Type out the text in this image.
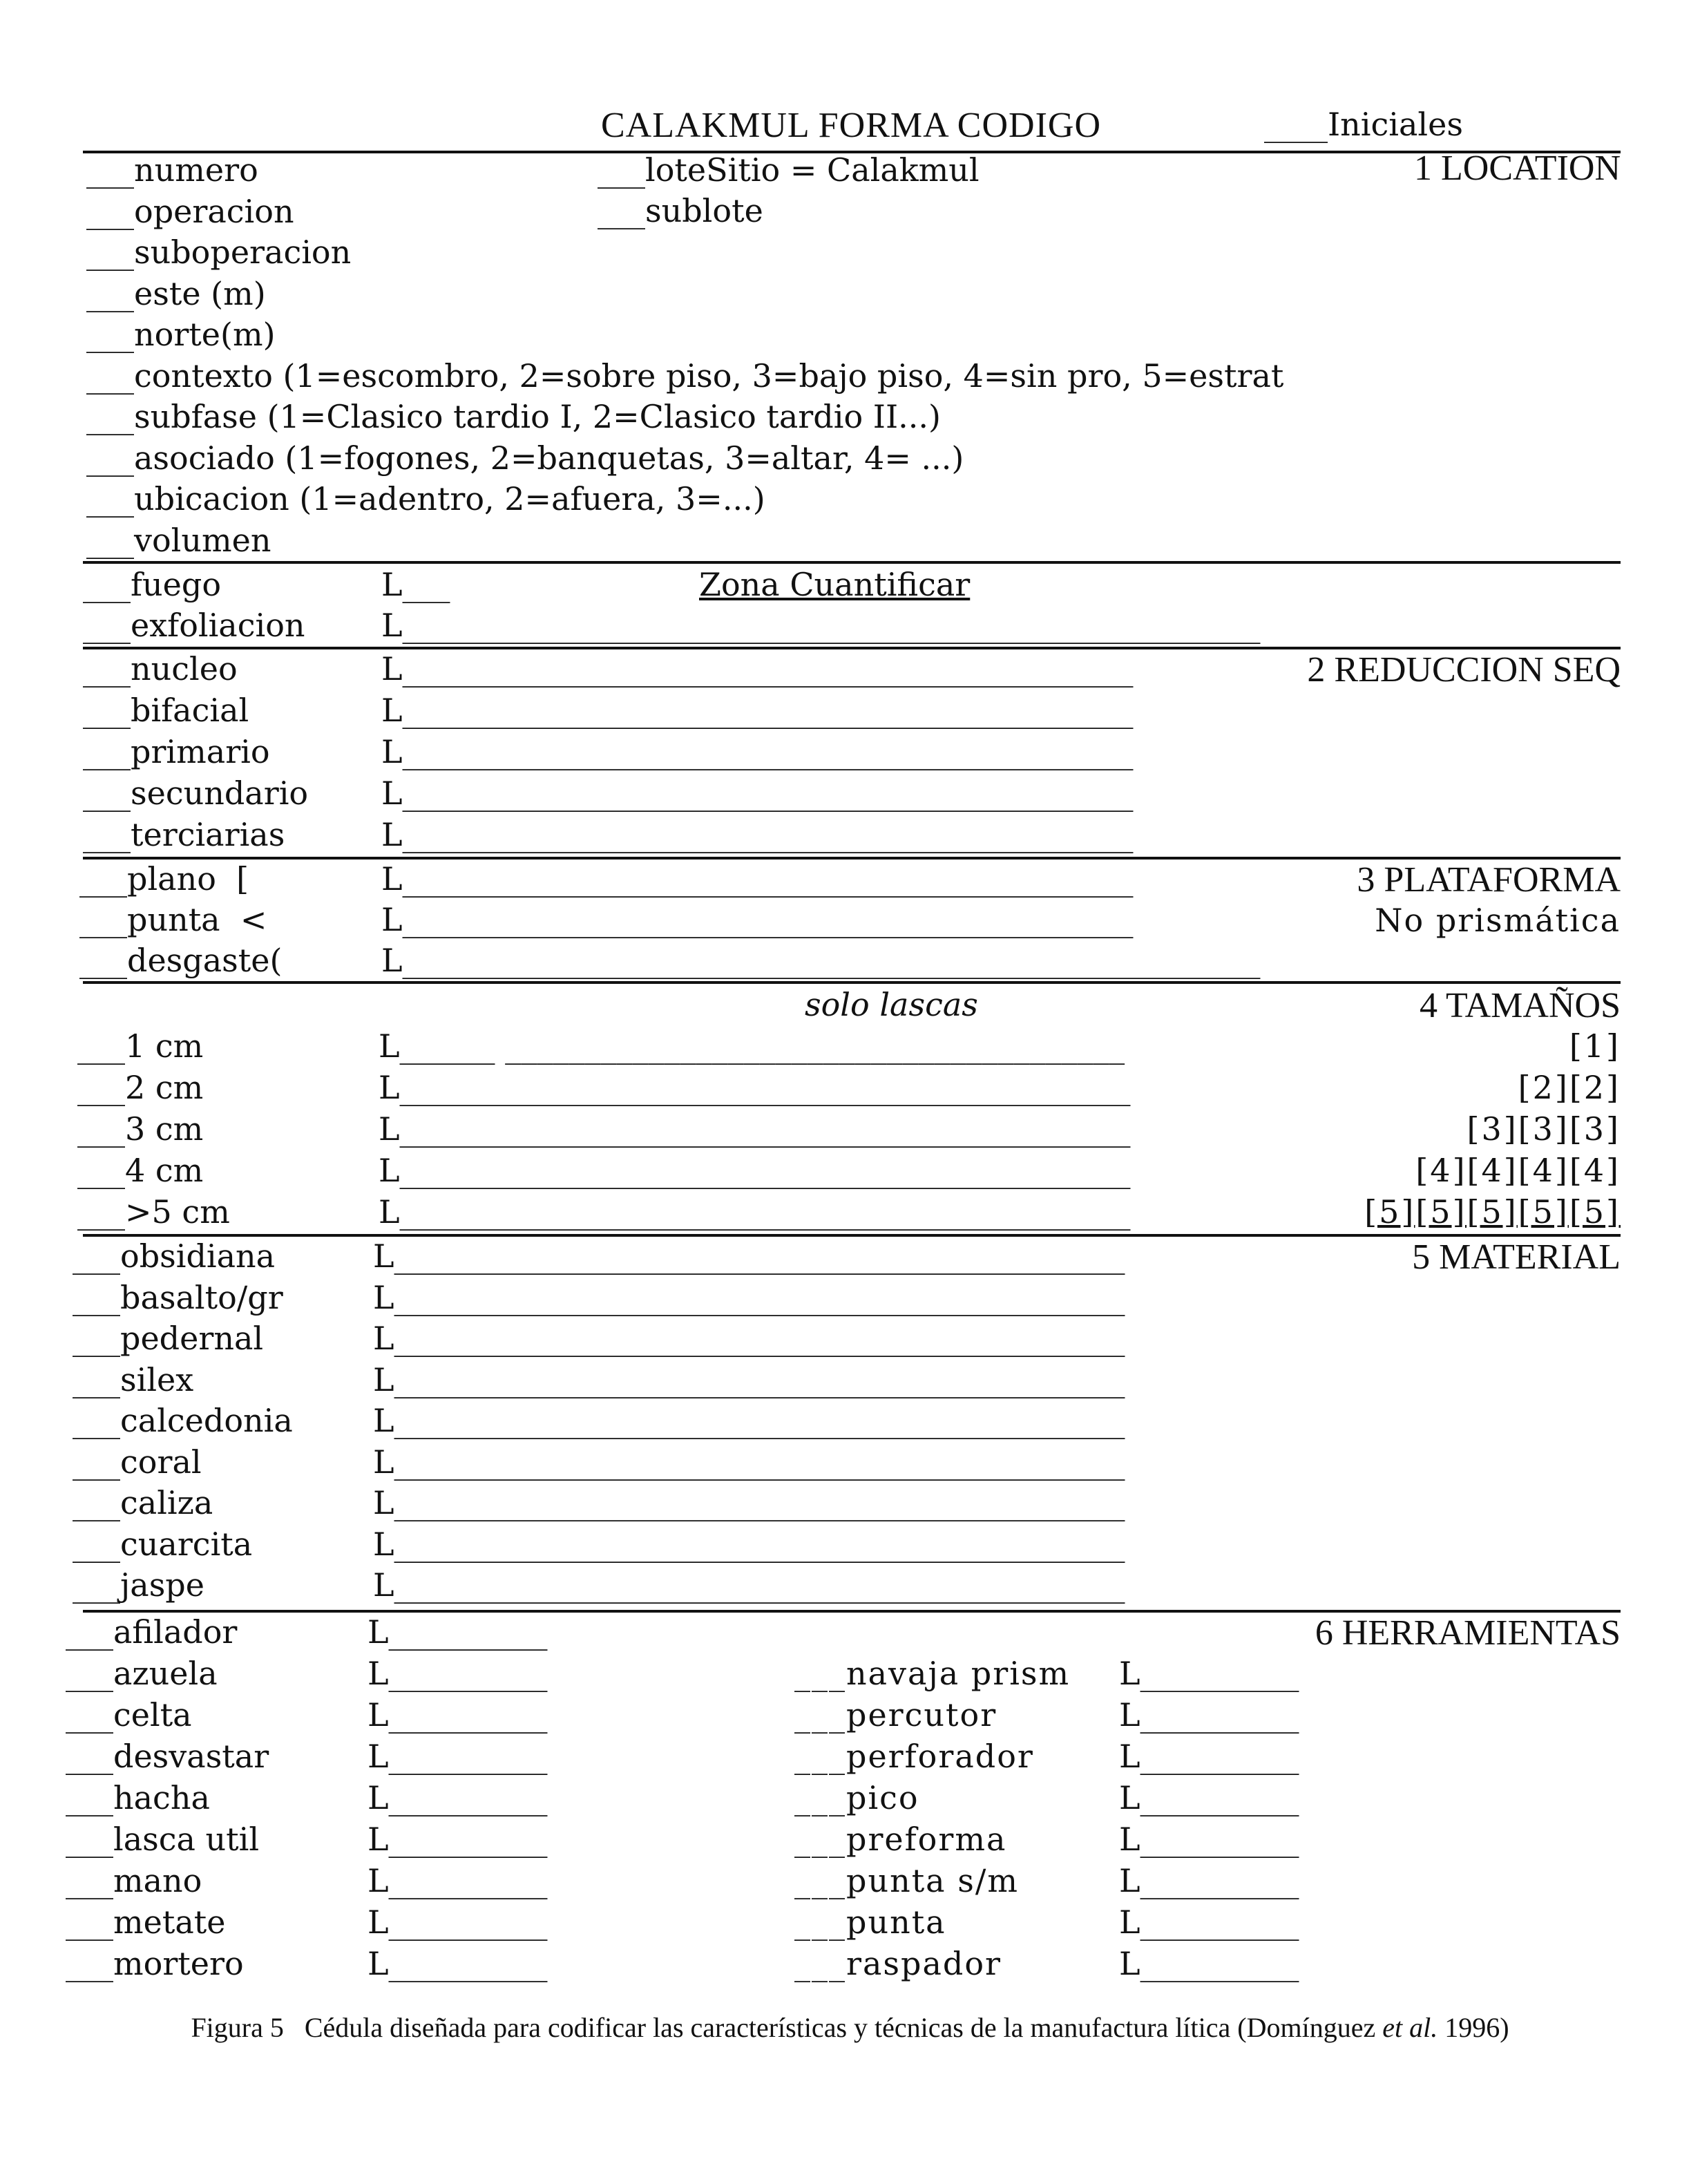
CALAKMUL FORMA CODIGO	____Iniciales
1 LOCATION
___numero
___operacion
___suboperacion
___este (m)
___norte(m)
___contexto (1=escombro, 2=sobre piso, 3=bajo piso, 4=sin pro, 5=estrat
___subfase (1=Clasico tardio I, 2=Clasico tardio II...)
___asociado (1=fogones, 2=banquetas, 3=altar, 4= ...)
___ubicacion (1=adentro, 2=afuera, 3=...)
___volumen
___loteSitio = Calakmul
___sublote
Zona Cuantificar
___fuego	L___
___exfoliacion L______________________________________________________
2 REDUCCION SEQ
___nucleo	L______________________________________________
___bifacial	L______________________________________________
___primario	L______________________________________________
___secundario L______________________________________________
___terciarias	L______________________________________________
3 PLATAFORMA
No prismática
___plano  [	L______________________________________________
___punta  <	L______________________________________________
___desgaste(	L______________________________________________________
solo lascas	4 TAMAÑOS
___1 cm	L______ _______________________________________	[1]
___2 cm	L______________________________________________	[2][2]
___3 cm	L______________________________________________	[3][3][3]
___4 cm	L______________________________________________	[4][4][4][4]
___>5 cm	L______________________________________________	[5][5][5][5][5]
5 MATERIAL
___obsidiana	L______________________________________________
___basalto/gr	L______________________________________________
___pedernal	L______________________________________________
___silex	L______________________________________________
___calcedonia	L______________________________________________
___coral	L______________________________________________
___caliza	L______________________________________________
___cuarcita	L______________________________________________
___jaspe	L______________________________________________
6 HERRAMIENTAS
___afilador	L__________
___azuela	L__________
___celta	L__________
___desvastar	L__________
___hacha	L__________
___lasca util	L__________
___mano	L__________
___metate	L__________
___mortero	L__________
___navaja prism L__________
___percutor	L__________
___perforador	L__________
___pico	L__________
___preforma	L__________
___punta s/m	L__________
___punta	L__________
___raspador	L__________
Figura 5   Cédula diseñada para codificar las características y técnicas de la manufactura lítica (Domínguez et al. 1996)
